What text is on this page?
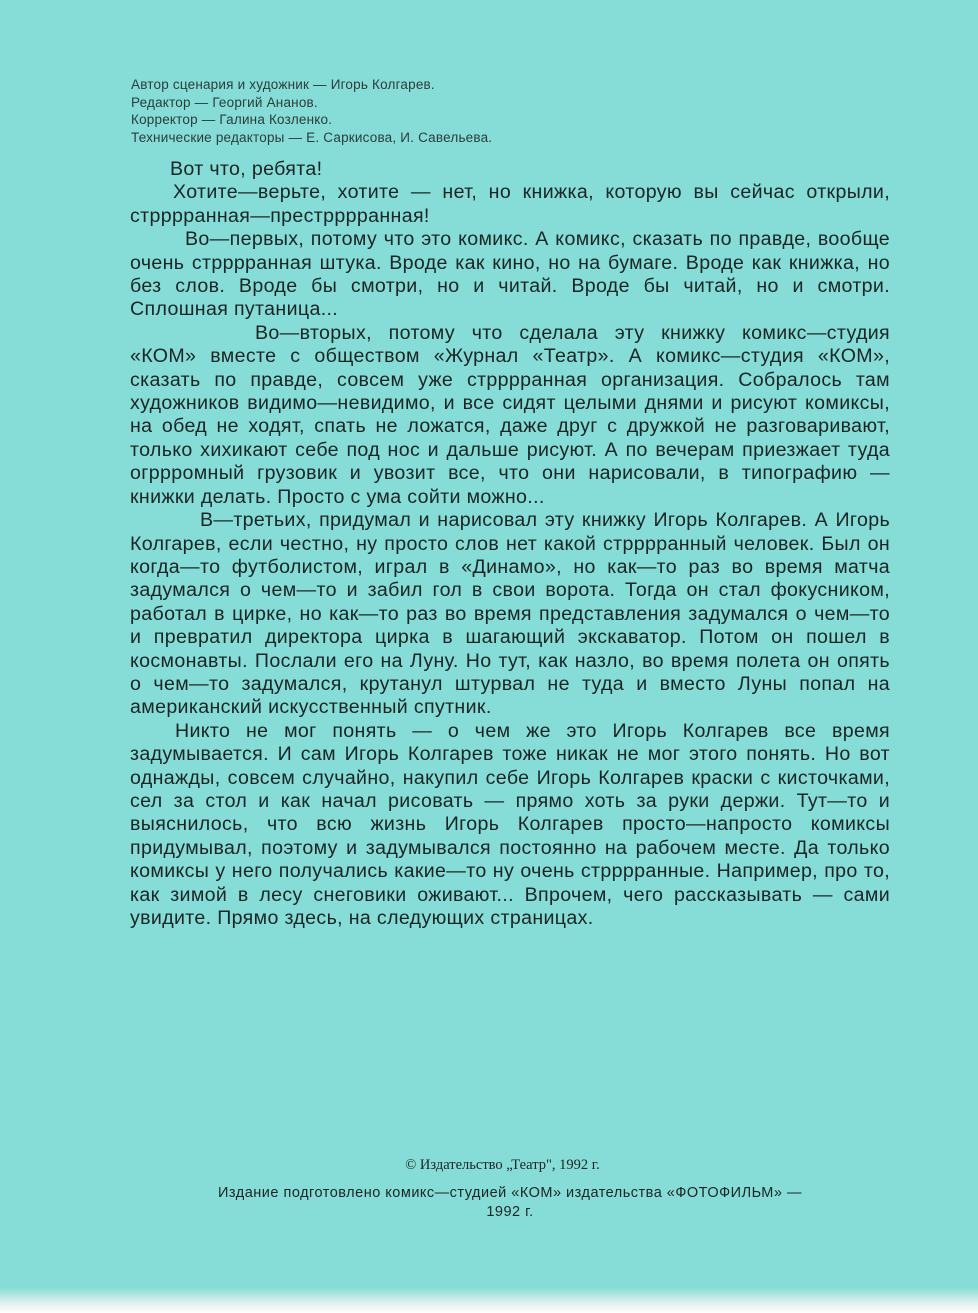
Автор сценария и художник — Игорь Колгарев.
Редактор — Георгий Ананов.
Корректор — Галина Козленко.
Технические редакторы — Е. Саркисова, И. Савельева.

Вот что, ребята!

Хотите—верьте, хотите — нет, но книжка, которую вы сейчас открыли, стрррранная—престрррранная!

Во—первых, потому что это комикс. А комикс, сказать по правде, вообще очень стрррранная штука. Вроде как кино, но на бумаге. Вроде как книжка, но без слов. Вроде бы смотри, но и читай. Вроде бы читай, но и смотри. Сплошная путаница...

Во—вторых, потому что сделала эту книжку комикс—студия «КОМ» вместе с обществом «Журнал «Театр». А комикс—студия «КОМ», сказать по правде, совсем уже стрррранная организация. Собралось там художников видимо—невидимо, и все сидят целыми днями и рисуют комиксы, на обед не ходят, спать не ложатся, даже друг с дружкой не разговаривают, только хихикают себе под нос и дальше рисуют. А по вечерам приезжает туда огррромный грузовик и увозит все, что они нарисовали, в типографию — книжки делать. Просто с ума сойти можно...

В—третьих, придумал и нарисовал эту книжку Игорь Колгарев. А Игорь Колгарев, если честно, ну просто слов нет какой стрррранный человек. Был он когда—то футболистом, играл в «Динамо», но как—то раз во время матча задумался о чем—то и забил гол в свои ворота. Тогда он стал фокусником, работал в цирке, но как—то раз во время представления задумался о чем—то и превратил директора цирка в шагающий экскаватор. Потом он пошел в космонавты. Послали его на Луну. Но тут, как назло, во время полета он опять о чем—то задумался, крутанул штурвал не туда и вместо Луны попал на американский искусственный спутник.

Никто не мог понять — о чем же это Игорь Колгарев все время задумывается. И сам Игорь Колгарев тоже никак не мог этого понять. Но вот однажды, совсем случайно, накупил себе Игорь Колгарев краски с кисточками, сел за стол и как начал рисовать — прямо хоть за руки держи. Тут—то и выяснилось, что всю жизнь Игорь Колгарев просто—напросто комиксы придумывал, поэтому и задумывался постоянно на рабочем месте. Да только комиксы у него получались какие—то ну очень стрррранные. Например, про то, как зимой в лесу снеговики оживают... Впрочем, чего рассказывать — сами увидите. Прямо здесь, на следующих страницах.

© Издательство „Театр", 1992 г.
Издание подготовлено комикс—студией «КОМ» издательства «ФОТОФИЛЬМ» —
1992 г.
